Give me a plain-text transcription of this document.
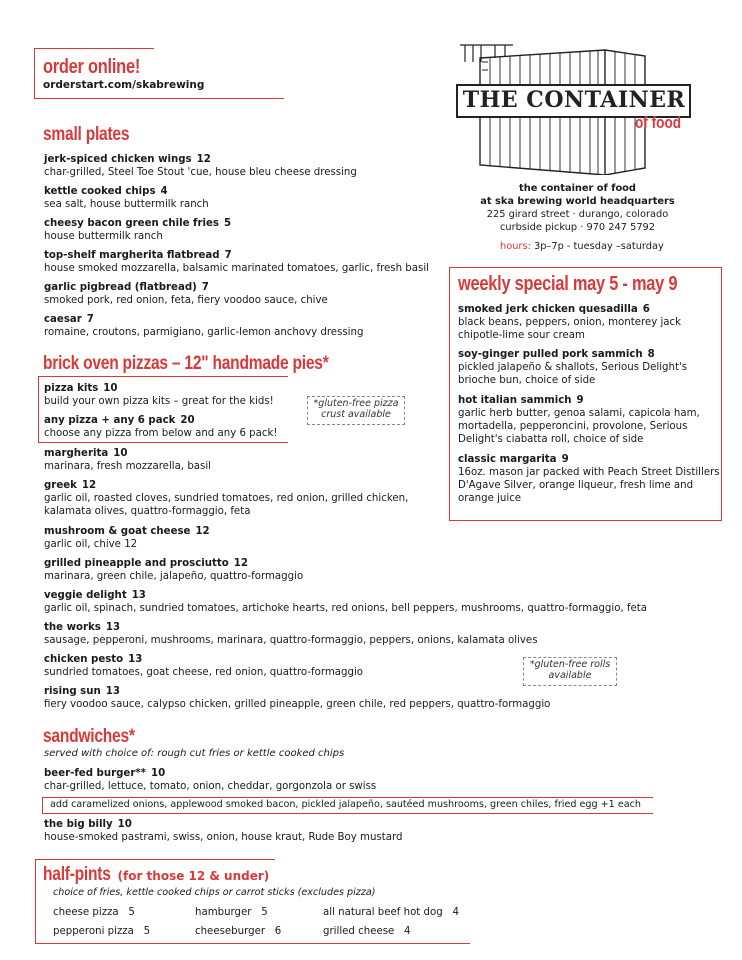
order online!
orderstart.com/skabrewing
THE CONTAINER
of food
the container of food
at ska brewing world headquarters
225 girard street · durango, colorado
curbside pickup · 970 247 5792
hours: 3p–7p - tuesday –saturday
small plates
jerk-spiced chicken wings 12
char-grilled, Steel Toe Stout 'cue, house bleu cheese dressing
kettle cooked chips 4
sea salt, house buttermilk ranch
cheesy bacon green chile fries 5
house buttermilk ranch
top-shelf margherita flatbread 7
house smoked mozzarella, balsamic marinated tomatoes, garlic, fresh basil
garlic pigbread (flatbread) 7
smoked pork, red onion, feta, fiery voodoo sauce, chive
caesar 7
romaine, croutons, parmigiano, garlic-lemon anchovy dressing
weekly special may 5 - may 9
smoked jerk chicken quesadilla 6
black beans, peppers, onion, monterey jack
chipotle-lime sour cream
soy-ginger pulled pork sammich 8
pickled jalapeño & shallots, Serious Delight's
brioche bun, choice of side
hot italian sammich 9
garlic herb butter, genoa salami, capicola ham,
mortadella, pepperoncini, provolone, Serious
Delight's ciabatta roll, choice of side
classic margarita 9
16oz. mason jar packed with Peach Street Distillers
D'Agave Silver, orange liqueur, fresh lime and
orange juice
brick oven pizzas – 12" handmade pies*
pizza kits 10
build your own pizza kits – great for the kids!
any pizza + any 6 pack 20
choose any pizza from below and any 6 pack!
*gluten-free pizza crust available
margherita 10
marinara, fresh mozzarella, basil
greek 12
garlic oil, roasted cloves, sundried tomatoes, red onion, grilled chicken,
kalamata olives, quattro-formaggio, feta
mushroom & goat cheese 12
garlic oil, chive 12
grilled pineapple and prosciutto 12
marinara, green chile, jalapeño, quattro-formaggio
veggie delight 13
garlic oil, spinach, sundried tomatoes, artichoke hearts, red onions, bell peppers, mushrooms, quattro-formaggio, feta
the works 13
sausage, pepperoni, mushrooms, marinara, quattro-formaggio, peppers, onions, kalamata olives
chicken pesto 13
sundried tomatoes, goat cheese, red onion, quattro-formaggio
rising sun 13
fiery voodoo sauce, calypso chicken, grilled pineapple, green chile, red peppers, quattro-formaggio
*gluten-free rolls available
sandwiches*
served with choice of: rough cut fries or kettle cooked chips
beer-fed burger** 10
char-grilled, lettuce, tomato, onion, cheddar, gorgonzola or swiss
add caramelized onions, applewood smoked bacon, pickled jalapeño, sautéed mushrooms, green chiles, fried egg +1 each
the big billy 10
house-smoked pastrami, swiss, onion, house kraut, Rude Boy mustard
half-pints (for those 12 & under)
choice of fries, kettle cooked chips or carrot sticks (excludes pizza)
cheese pizza 5	hamburger 5	all natural beef hot dog 4
pepperoni pizza 5	cheeseburger 6	grilled cheese 4
